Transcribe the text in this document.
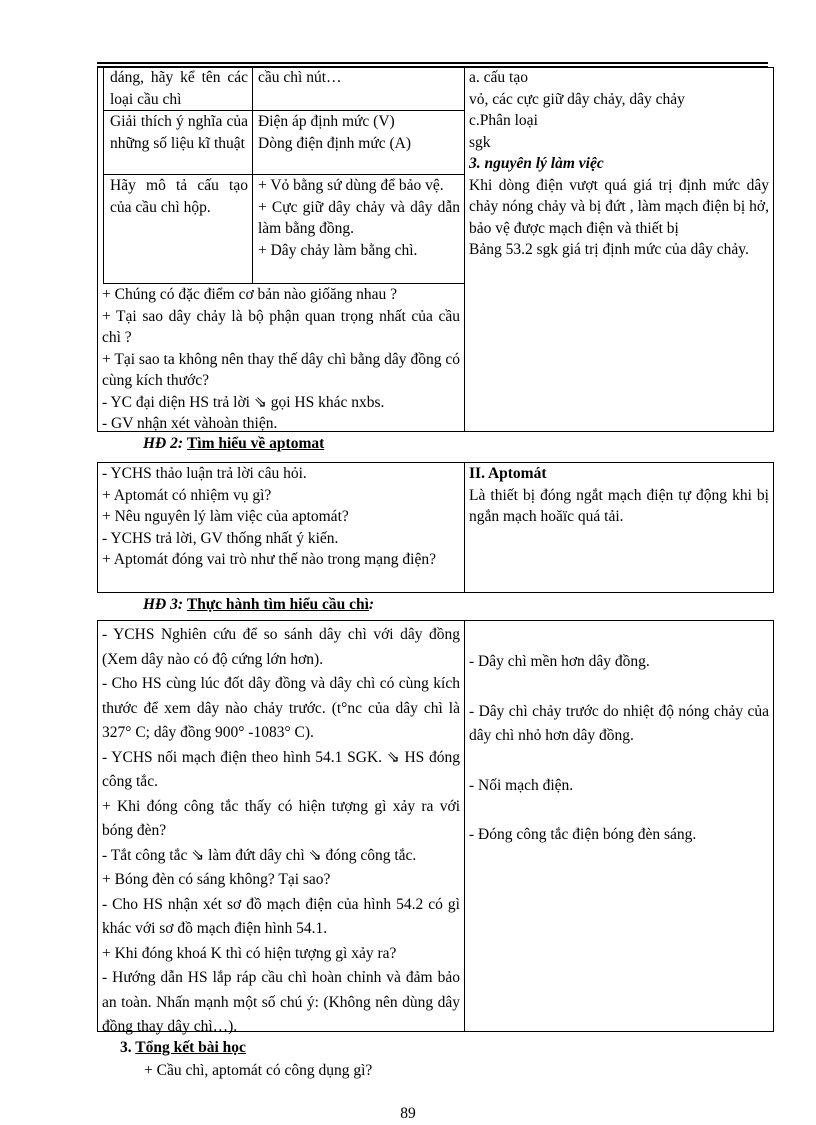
dáng, hãy kể tên các loại cầu chì

cầu chì nút…

Giải thích ý nghĩa của những số liệu kĩ thuật

Điện áp định mức (V)

Dòng điện định mức (A)

Hãy mô tả cấu tạo của cầu chì hộp.

+ Vỏ bằng sứ dùng để bảo vệ.

+ Cực giữ dây chảy và dây dẫn làm bằng đồng.

+ Dây chảy làm bằng chì.

+ Chúng có đặc điểm cơ bản nào giốăng nhau ?

+ Tại sao dây chảy là bộ phận quan trọng nhất của cầu chì ?

+ Tại sao ta không nên thay thế dây chì bằng dây đồng có cùng kích thước?

- YC đại diện HS trả lời ⇘ gọi HS khác nxbs.

- GV nhận xét vàhoàn thiện.

a. cấu tạo

vỏ, các cực giữ dây chảy, dây chảy

c.Phân loại

sgk

3. nguyên lý làm việc

Khi dòng điện vượt quá giá trị định mức dây chảy nóng chảy và bị đứt , làm mạch điện bị hở, bảo vệ được mạch điện và thiết bị

Bảng 53.2 sgk giá trị định mức của dây chảy.

HĐ 2: Tìm hiểu về aptomat

- YCHS thảo luận trả lời câu hỏi.

+ Aptomát có nhiệm vụ gì?

+ Nêu nguyên lý làm việc của aptomát?

- YCHS trả lời, GV thống nhất ý kiến.

+ Aptomát đóng vai trò như thế nào trong mạng điện?

II. Aptomát

Là thiết bị đóng ngắt mạch điện tự động khi bị ngắn mạch hoăïc quá tải.

HĐ 3: Thực hành tìm hiểu cầu chì:

- YCHS Nghiên cứu để so sánh dây chì với dây đồng (Xem dây nào có độ cứng lớn hơn).

- Cho HS cùng lúc đốt dây đồng và dây chì có cùng kích thước để xem dây nào chảy trước. (t°nc của dây chì là 327° C; dây đồng 900° -1083° C).

- YCHS nối mạch điện theo hình 54.1 SGK. ⇘ HS đóng công tắc.

+ Khi đóng công tắc thấy có hiện tượng gì xảy ra với bóng đèn?

- Tắt công tắc ⇘ làm đứt dây chì ⇘ đóng công tắc.

+ Bóng đèn có sáng không? Tại sao?

- Cho HS nhận xét sơ đồ mạch điện của hình 54.2 có gì khác với sơ đồ mạch điện hình 54.1.

+ Khi đóng khoá K thì có hiện tượng gì xảy ra?

- Hướng dẫn HS lắp ráp cầu chì hoàn chỉnh và đảm bảo an toàn. Nhấn mạnh một số chú ý: (Không nên dùng dây đồng thay dây chì…).

- Dây chì mền hơn dây đồng.

- Dây chì chảy trước do nhiệt độ nóng chảy của dây chì nhỏ hơn dây đồng.

- Nối mạch điện.

- Đóng công tắc điện bóng đèn sáng.

3. Tổng kết bài học
+ Cầu chì, aptomát có công dụng gì?
89
